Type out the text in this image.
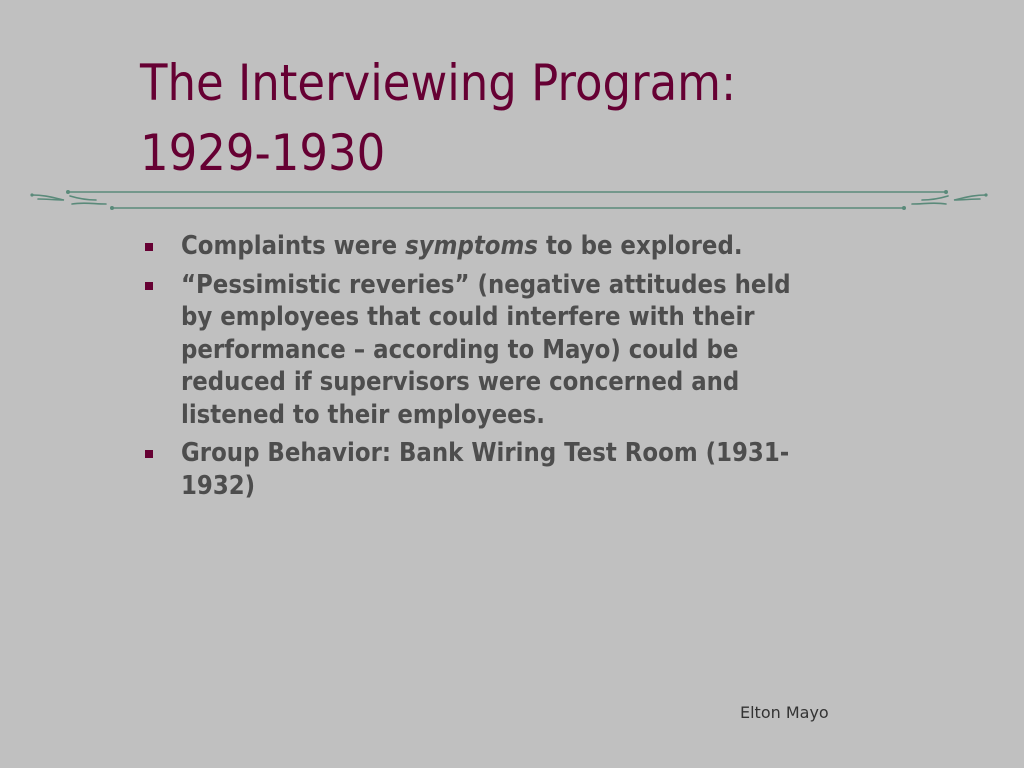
The Interviewing Program:
1929-1930
Complaints were symptoms to be explored.
“Pessimistic reveries” (negative attitudes held by employees that could interfere with their performance – according to Mayo) could be reduced if supervisors were concerned and listened to their employees.
Group Behavior: Bank Wiring Test Room (1931-1932)
Elton Mayo
